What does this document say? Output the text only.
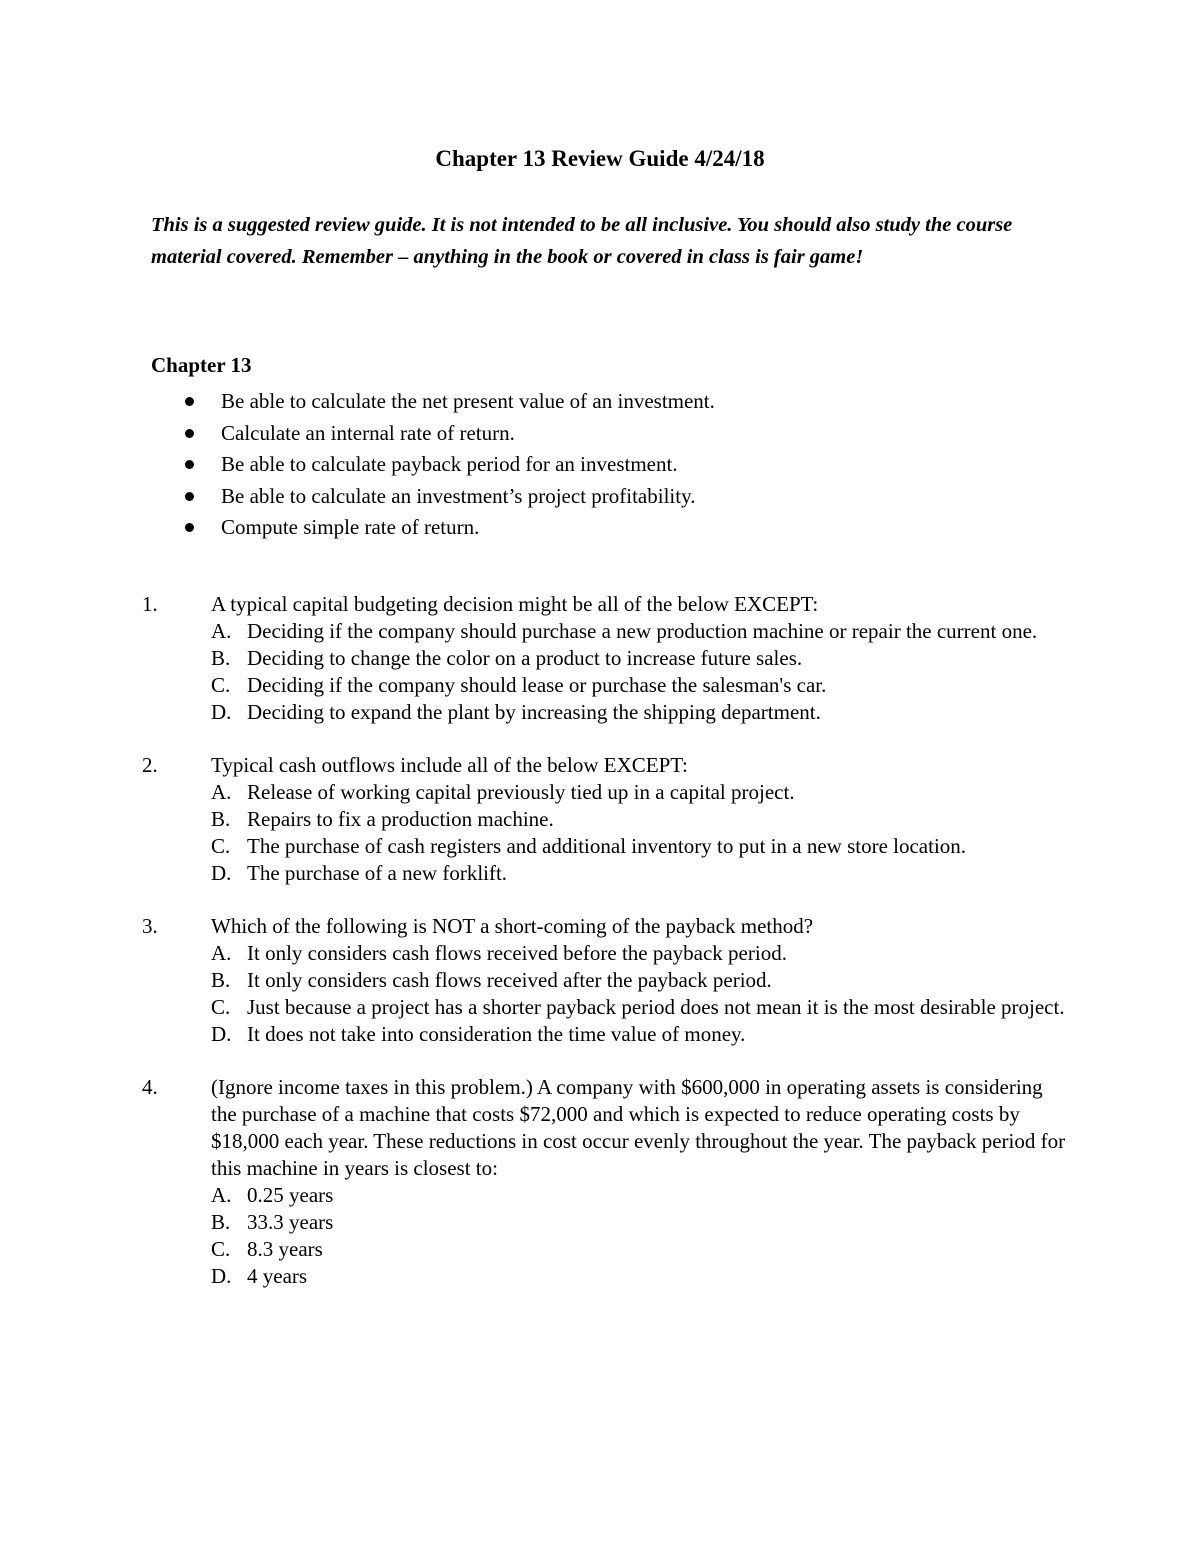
Chapter 13 Review Guide 4/24/18
This is a suggested review guide. It is not intended to be all inclusive. You should also study the course material covered. Remember – anything in the book or covered in class is fair game!
Chapter 13
Be able to calculate the net present value of an investment.
Calculate an internal rate of return.
Be able to calculate payback period for an investment.
Be able to calculate an investment’s project profitability.
Compute simple rate of return.
1.	A typical capital budgeting decision might be all of the below EXCEPT:
A. Deciding if the company should purchase a new production machine or repair the current one.
B. Deciding to change the color on a product to increase future sales.
C. Deciding if the company should lease or purchase the salesman's car.
D. Deciding to expand the plant by increasing the shipping department.
2.	Typical cash outflows include all of the below EXCEPT:
A. Release of working capital previously tied up in a capital project.
B. Repairs to fix a production machine.
C. The purchase of cash registers and additional inventory to put in a new store location.
D. The purchase of a new forklift.
3.	Which of the following is NOT a short-coming of the payback method?
A. It only considers cash flows received before the payback period.
B. It only considers cash flows received after the payback period.
C. Just because a project has a shorter payback period does not mean it is the most desirable project.
D. It does not take into consideration the time value of money.
4.	(Ignore income taxes in this problem.) A company with $600,000 in operating assets is considering the purchase of a machine that costs $72,000 and which is expected to reduce operating costs by $18,000 each year. These reductions in cost occur evenly throughout the year. The payback period for this machine in years is closest to:
A. 0.25 years
B. 33.3 years
C. 8.3 years
D. 4 years
